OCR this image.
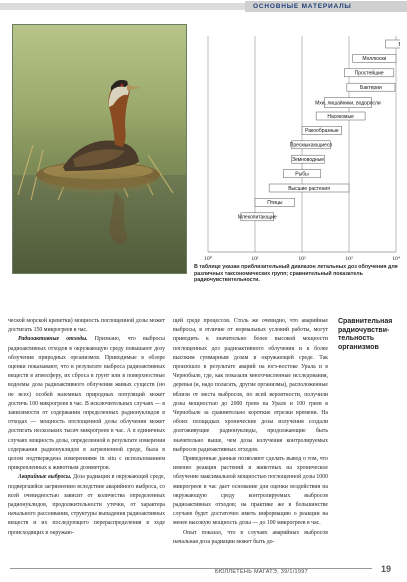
ОСНОВНЫЕ МАТЕРИАЛЫ
Моллюски
Простейшие
Бактерии
Мхи, лишайники, водоросли
Насекомые
Ракообразные
Пресмыкающиеся
Земноводные
Рыбы
Высшие растения
Птицы
Млекопитающие
10⁰	10¹	10²	10³	10⁴
В таблице указан приблизительный диапазон летальных доз облучения для различных таксономических групп; сравнительный показатель радиочувствительности.

ческой морской креветки) мощность поглощенной дозы может достигать 150 микрогреев в час.

Радиоактивные отходы. Признано, что выбросы радиоактивных отходов в окружающую среду повышают дозу облучения природных организмов. Приводимые в обзоре оценки показывают, что в результате выброса радиоактивных веществ в атмосферу, их сброса в грунт или в поверхностные водоемы доза радиоактивного облучения живых существ (но не всех) особей наземных природных популяций может достичь 100 микрогреев в час. В исключительных случаях — в зависимости от содержания определенных радионуклидов в отходах — мощность поглощенной дозы облучения может достигать нескольких тысяч микрогреев в час. А в единичных случаях мощность дозы, определенной в результате измерения содержания радионуклидов в загрязненной среде, была в целом подтверждена измерениями in situ с использованием прикрепленных к животным дозиметров.

Аварийные выбросы. Доза радиации в окружающей среде, подвергшейся загрязнению вследствие аварийного выброса, со всей очевидностью зависит от количества определенных радионуклидов, продолжительности утечки, от характера начального рассеивания, структуры выпадения радиоактивных веществ и их последующего перераспределения в ходе происходящих в окружаю-

щей среде процессов. Столь же очевидно, что аварийные выбросы, в отличие от нормальных условий работы, могут приводить к значительно более высокой мощности поглощенных доз радиоактивного облучения и к более высоким суммарным дозам в окружающей среде. Так произошло в результате аварий на югэ-востоке Урала и в Чернобыле, где, как показали многочисленные исследования, деревья (и, надо полагать, другие организмы), расположенные вблизи от места выбросов, по всей вероятности, получили дозы мощностью до 2000 греев на Урале и 100 греев в Чернобыле за сравнительно короткие отрезки времени. На обоих площадках хронические дозы излучения создали долгоживущие радионуклиды, продолжающие быть значительно выше, чем дозы излучения контролируемых выбросов радиоактивных отходов.

Приведенные данные позволяют сделать вывод о том, что именно реакция растений и животных на хроническое облучение максимальной мощностью поглощенной дозы 1000 микрогреев в час дает основание для оценки воздействия на окружающую среду контролируемых выбросов радиоактивных отходов; на практике же в большинстве случаев будет достаточно иметь информацию о реакции на менее высокую мощность дозы — до 100 микрогреев в час.

Опыт показал, что в случаях аварийных выбросов начальная доза радиации может быть до-

Сравнительная радиочувстви-тельность организмов
БЮЛЛЕТЕНЬ МАГАТЭ, 39/1/1997	19
